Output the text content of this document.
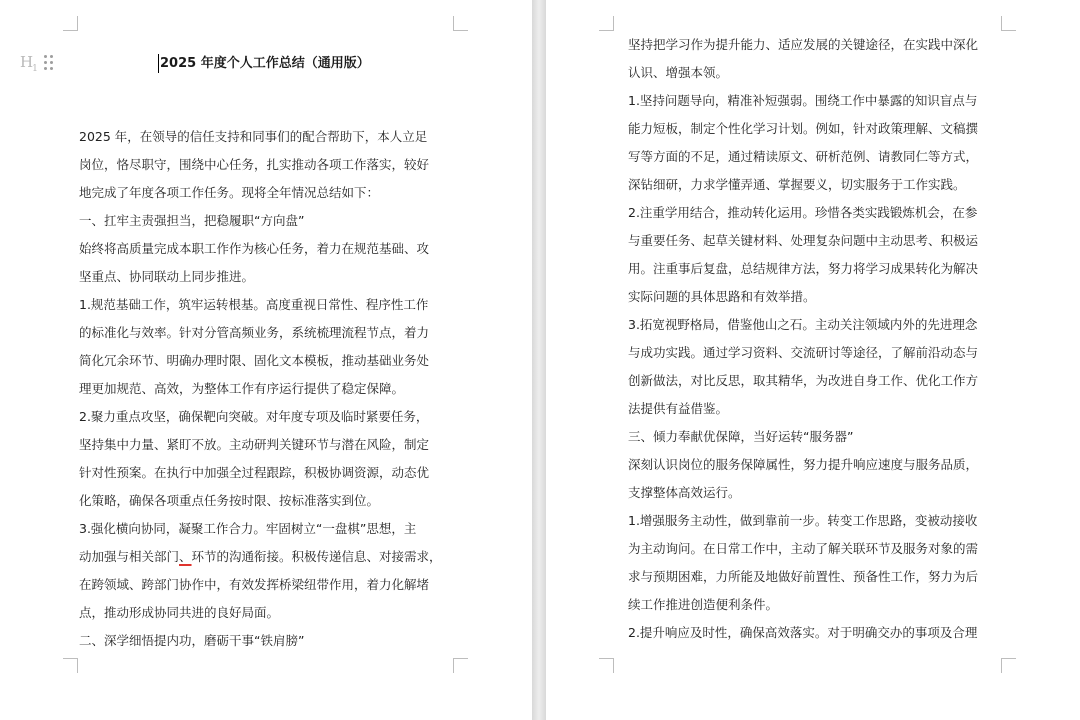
$H_1$	2025 年度个人工作总结（通用版）
2025 年，在领导的信任支持和同事们的配合帮助下，本人立足
岗位，恪尽职守，围绕中心任务，扎实推动各项工作落实，较好
地完成了年度各项工作任务。现将全年情况总结如下：
一、扛牢主责强担当，把稳履职“方向盘”
始终将高质量完成本职工作作为核心任务，着力在规范基础、攻
坚重点、协同联动上同步推进。
1.规范基础工作，筑牢运转根基。高度重视日常性、程序性工作
的标准化与效率。针对分管高频业务，系统梳理流程节点，着力
简化冗余环节、明确办理时限、固化文本模板，推动基础业务处
理更加规范、高效，为整体工作有序运行提供了稳定保障。
2.聚力重点攻坚，确保靶向突破。对年度专项及临时紧要任务，
坚持集中力量、紧盯不放。主动研判关键环节与潜在风险，制定
针对性预案。在执行中加强全过程跟踪，积极协调资源，动态优
化策略，确保各项重点任务按时限、按标准落实到位。
3.强化横向协同，凝聚工作合力。牢固树立“一盘棋”思想，主
动加强与相关部门、环节的沟通衔接。积极传递信息、对接需求，
在跨领域、跨部门协作中，有效发挥桥梁纽带作用，着力化解堵
点，推动形成协同共进的良好局面。
二、深学细悟提内功，磨砺干事“铁肩膀”
坚持把学习作为提升能力、适应发展的关键途径，在实践中深化
认识、增强本领。
1.坚持问题导向，精准补短强弱。围绕工作中暴露的知识盲点与
能力短板，制定个性化学习计划。例如，针对政策理解、文稿撰
写等方面的不足，通过精读原文、研析范例、请教同仁等方式，
深钻细研，力求学懂弄通、掌握要义，切实服务于工作实践。
2.注重学用结合，推动转化运用。珍惜各类实践锻炼机会，在参
与重要任务、起草关键材料、处理复杂问题中主动思考、积极运
用。注重事后复盘，总结规律方法，努力将学习成果转化为解决
实际问题的具体思路和有效举措。
3.拓宽视野格局，借鉴他山之石。主动关注领域内外的先进理念
与成功实践。通过学习资料、交流研讨等途径，了解前沿动态与
创新做法，对比反思，取其精华，为改进自身工作、优化工作方
法提供有益借鉴。
三、倾力奉献优保障，当好运转“服务器”
深刻认识岗位的服务保障属性，努力提升响应速度与服务品质，
支撑整体高效运行。
1.增强服务主动性，做到靠前一步。转变工作思路，变被动接收
为主动询问。在日常工作中，主动了解关联环节及服务对象的需
求与预期困难，力所能及地做好前置性、预备性工作，努力为后
续工作推进创造便利条件。
2.提升响应及时性，确保高效落实。对于明确交办的事项及合理
